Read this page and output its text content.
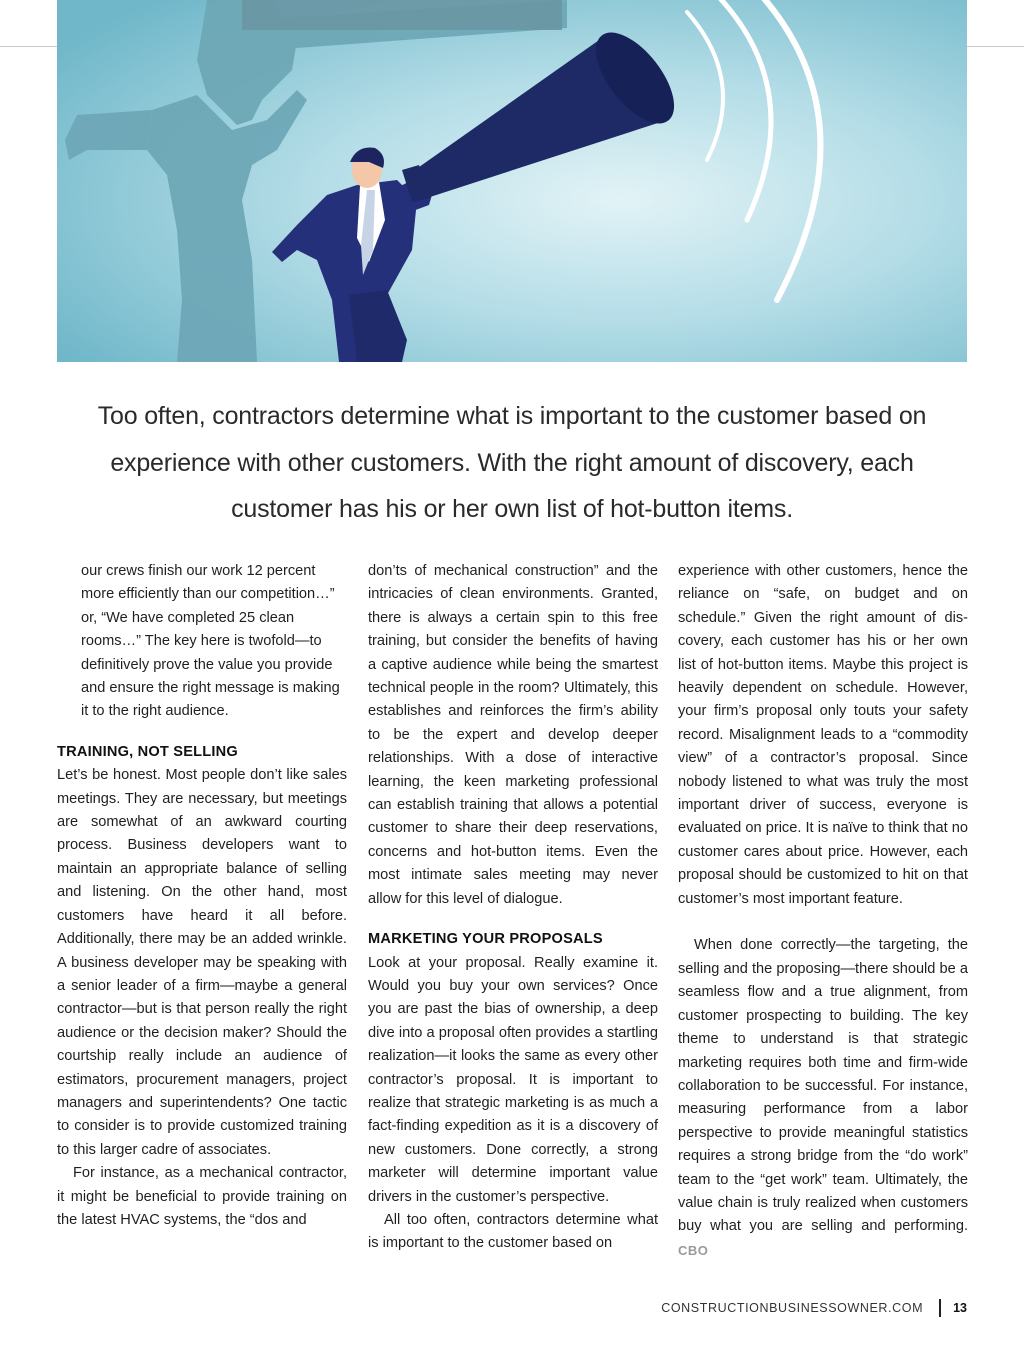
Too often, contractors determine what is important to the customer based on experience with other customers. With the right amount of discovery, each customer has his or her own list of hot-button items.

our crews finish our work 12 percent more efficiently than our competition…” or, “We have completed 25 clean rooms…” The key here is twofold—to definitively prove the value you provide and ensure the right message is making it to the right audience.

TRAINING, NOT SELLING

Let’s be honest. Most people don’t like sales meetings. They are necessary, but meetings are somewhat of an awkward courting process. Business developers want to maintain an appropriate balance of selling and listening. On the other hand, most customers have heard it all before. Additionally, there may be an added wrinkle. A business developer may be speaking with a senior leader of a firm—maybe a general contractor—but is that person really the right audience or the decision maker? Should the courtship really include an audience of estimators, procurement managers, project managers and superintendents? One tactic to consider is to provide customized training to this larger cadre of associates.

For instance, as a mechanical contractor, it might be beneficial to provide training on the latest HVAC systems, the “dos and

don’ts of mechanical construction” and the intricacies of clean environments. Granted, there is always a certain spin to this free training, but consider the benefits of having a captive audience while being the smartest technical people in the room? Ultimately, this establishes and reinforces the firm’s ability to be the expert and develop deeper relationships. With a dose of interactive learning, the keen marketing professional can establish training that allows a potential customer to share their deep reservations, concerns and hot-button items. Even the most intimate sales meeting may never allow for this level of dialogue.

MARKETING YOUR PROPOSALS

Look at your proposal. Really examine it. Would you buy your own services? Once you are past the bias of ownership, a deep dive into a proposal often provides a startling realization—it looks the same as every other contractor’s proposal. It is important to realize that strategic marketing is as much a fact-finding expedition as it is a discovery of new customers. Done correctly, a strong marketer will determine important value drivers in the customer’s perspective.

All too often, contractors determine what is important to the customer based on

experience with other customers, hence the reliance on “safe, on budget and on schedule.” Given the right amount of discovery, each customer has his or her own list of hot-button items. Maybe this project is heavily dependent on schedule. However, your firm’s proposal only touts your safety record. Misalignment leads to a “commodity view” of a contractor’s proposal. Since nobody listened to what was truly the most important driver of success, everyone is evaluated on price. It is naïve to think that no customer cares about price. However, each proposal should be customized to hit on that customer’s most important feature.

When done correctly—the targeting, the selling and the proposing—there should be a seamless flow and a true alignment, from customer prospecting to building. The key theme to understand is that strategic marketing requires both time and firm-wide collaboration to be successful. For instance, measuring performance from a labor perspective to provide meaningful statistics requires a strong bridge from the “do work” team to the “get work” team. Ultimately, the value chain is truly realized when customers buy what you are selling and performing. CBO

CONSTRUCTIONBUSINESSOWNER.COM 13
